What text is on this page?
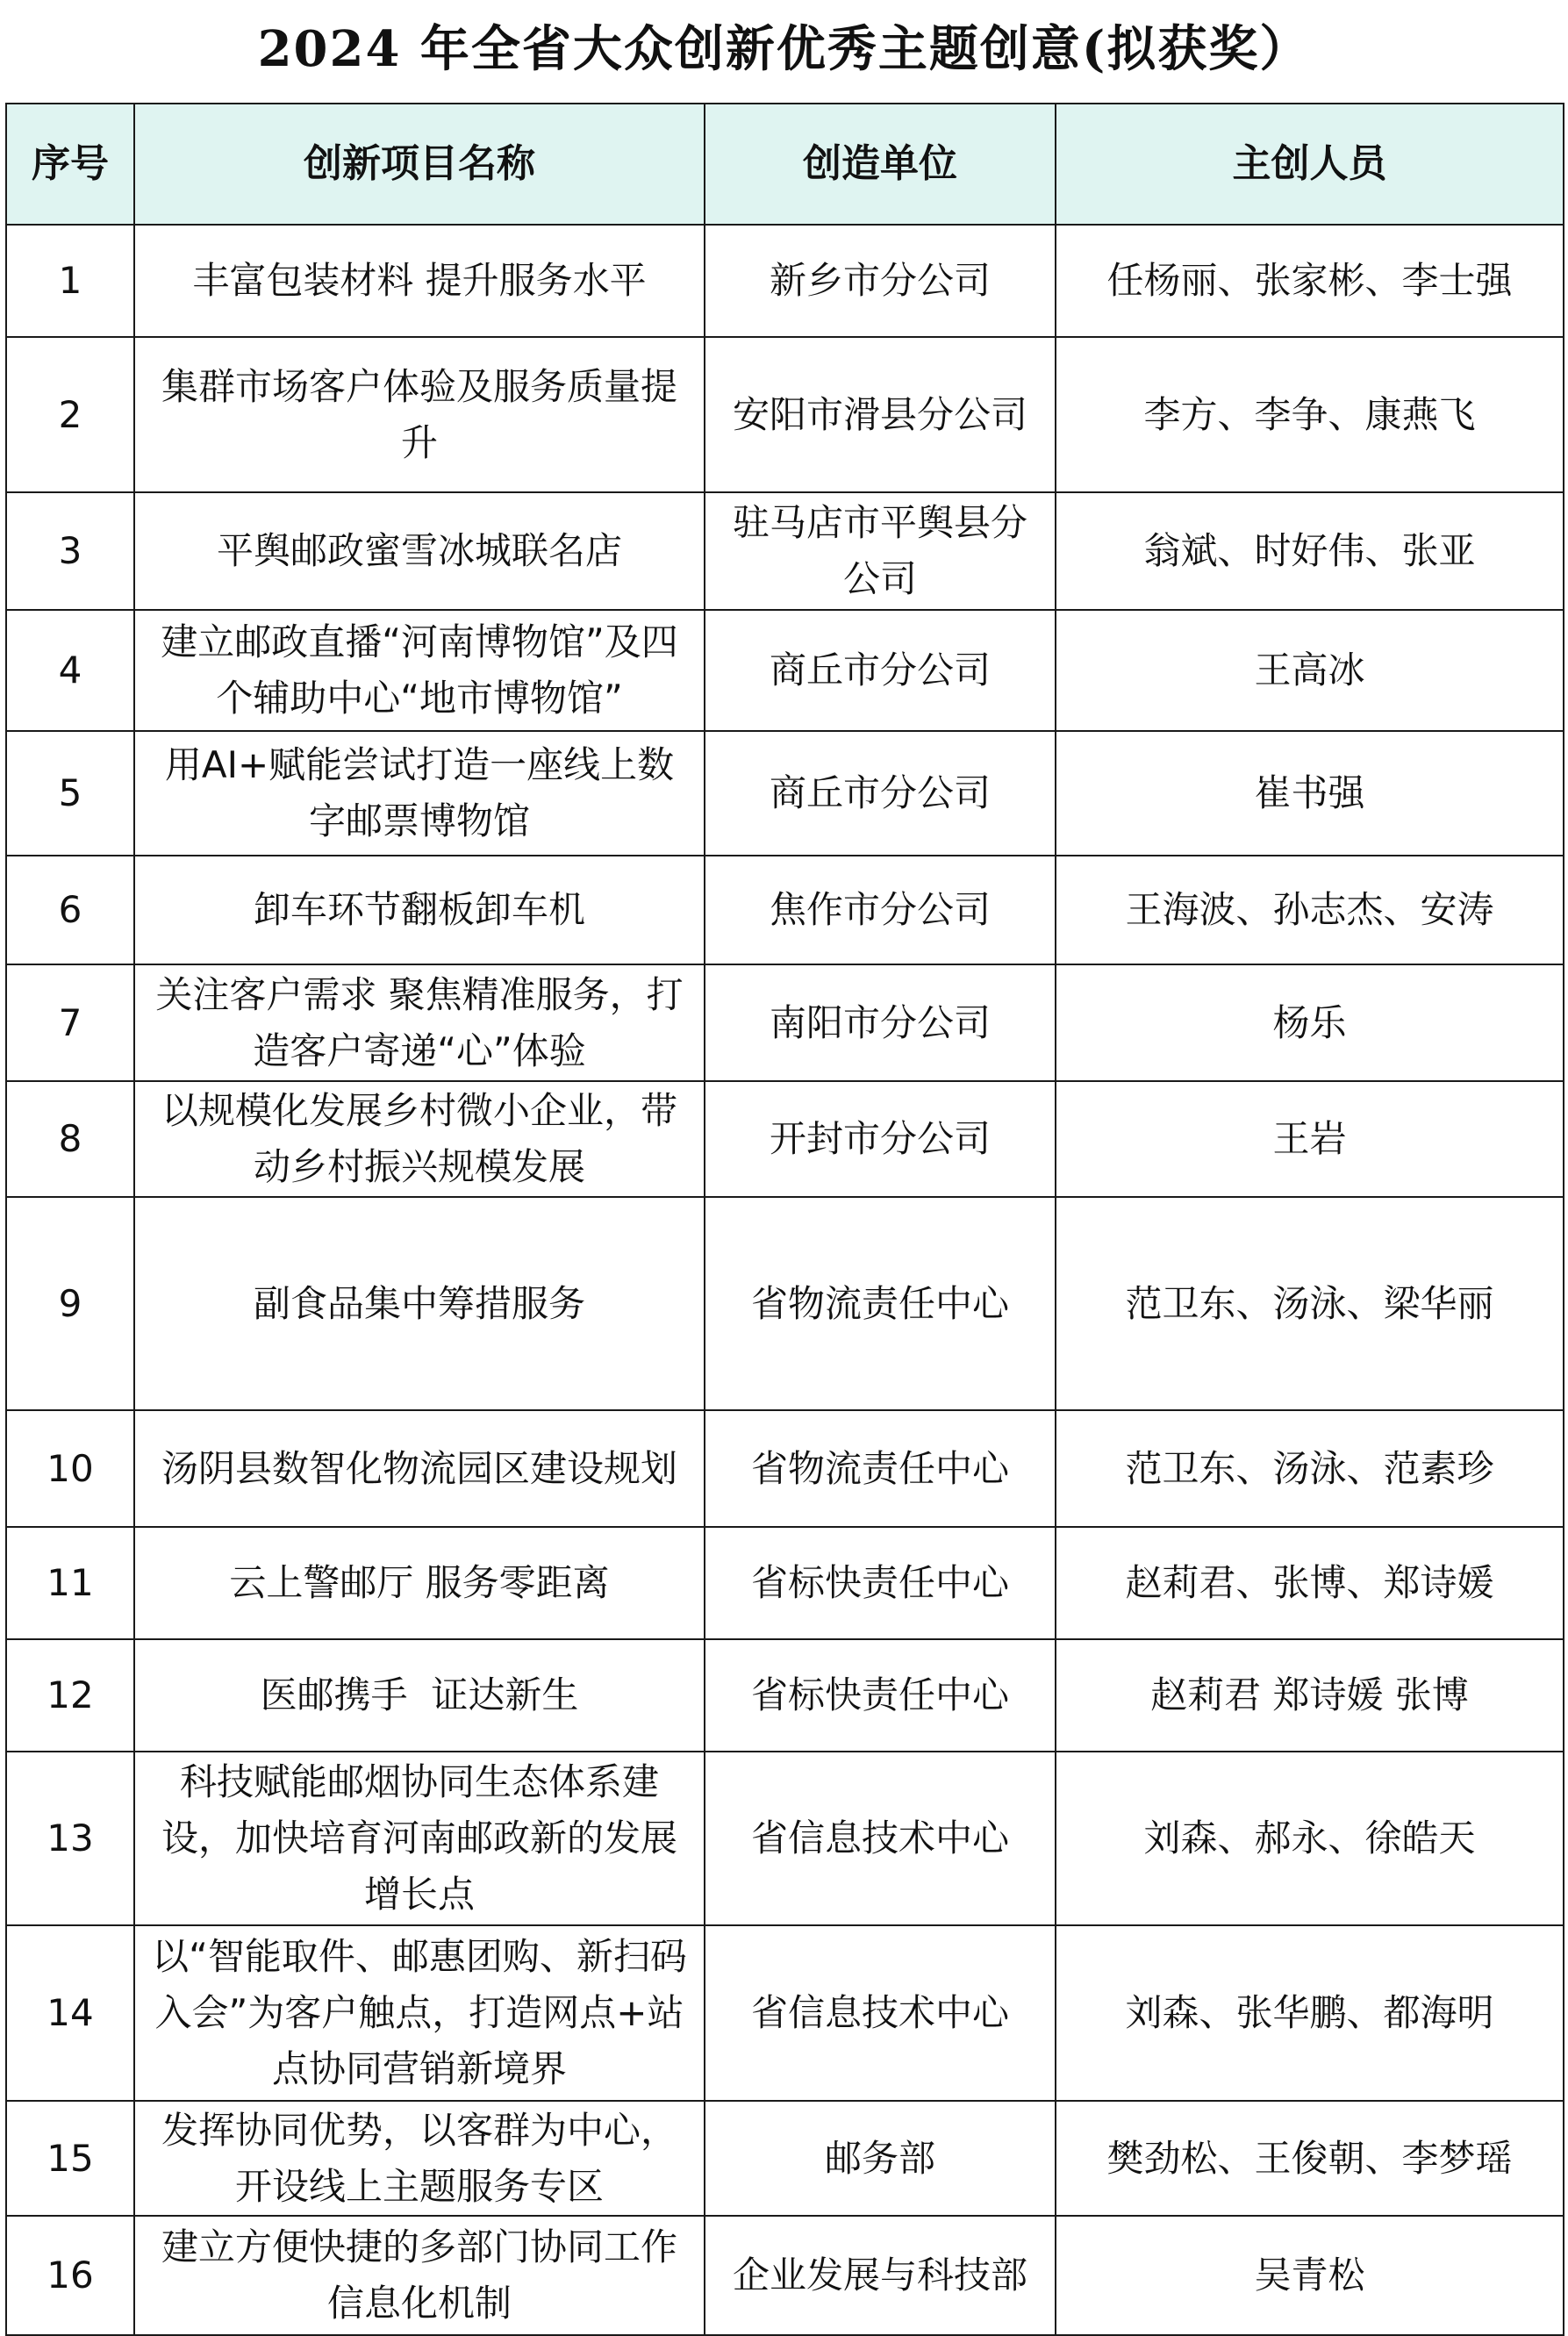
2024 年全省大众创新优秀主题创意(拟获奖）
序号	创新项目名称	创造单位	主创人员
1	丰富包装材料 提升服务水平	新乡市分公司	任杨丽、张家彬、李士强
2	集群市场客户体验及服务质量提升	安阳市滑县分公司	李方、李争、康燕飞
3	平舆邮政蜜雪冰城联名店	驻马店市平舆县分公司	翁斌、时好伟、张亚
4	建立邮政直播“河南博物馆”及四个辅助中心“地市博物馆”	商丘市分公司	王高冰
5	用AI+赋能尝试打造一座线上数字邮票博物馆	商丘市分公司	崔书强
6	卸车环节翻板卸车机	焦作市分公司	王海波、孙志杰、安涛
7	关注客户需求 聚焦精准服务，打造客户寄递“心”体验	南阳市分公司	杨乐
8	以规模化发展乡村微小企业，带动乡村振兴规模发展	开封市分公司	王岩
9	副食品集中筹措服务	省物流责任中心	范卫东、汤泳、梁华丽
10	汤阴县数智化物流园区建设规划	省物流责任中心	范卫东、汤泳、范素珍
11	云上警邮厅 服务零距离	省标快责任中心	赵莉君、张博、郑诗媛
12	医邮携手  证达新生	省标快责任中心	赵莉君 郑诗媛 张博
13	科技赋能邮烟协同生态体系建设，加快培育河南邮政新的发展增长点	省信息技术中心	刘森、郝永、徐皓天
14	以“智能取件、邮惠团购、新扫码入会”为客户触点，打造网点+站点协同营销新境界	省信息技术中心	刘森、张华鹏、都海明
15	发挥协同优势，以客群为中心，开设线上主题服务专区	邮务部	樊劲松、王俊朝、李梦瑶
16	建立方便快捷的多部门协同工作信息化机制	企业发展与科技部	吴青松
